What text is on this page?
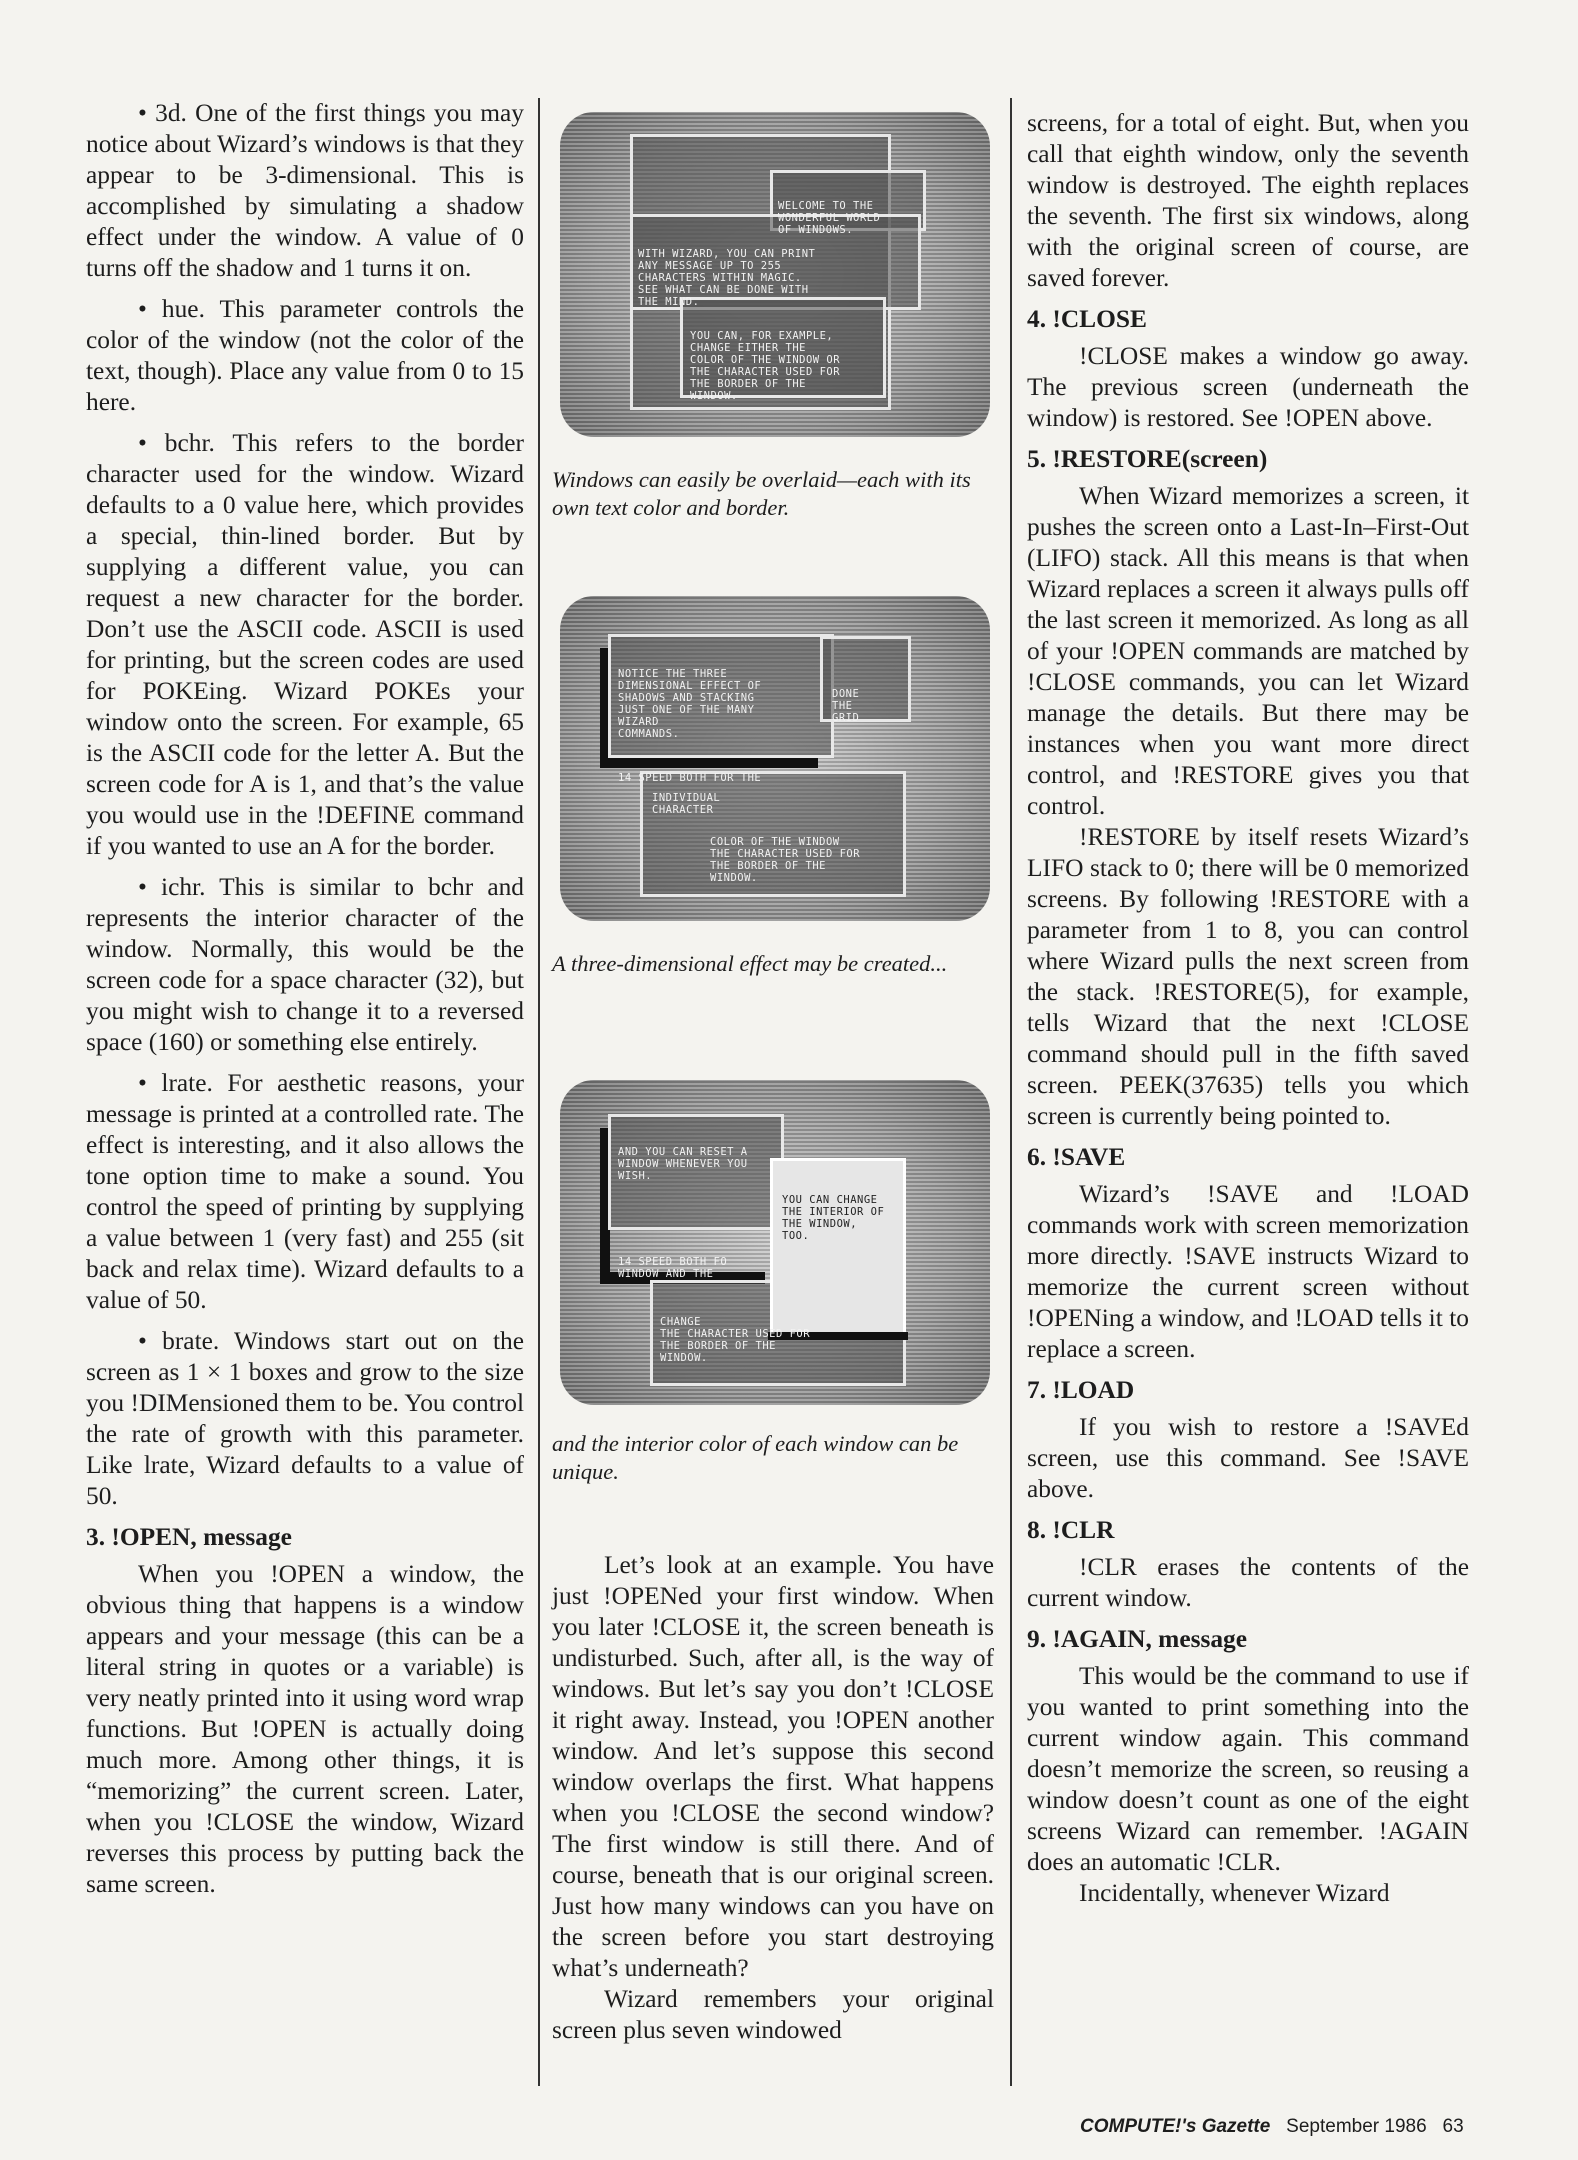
• 3d. One of the first things you may notice about Wizard’s windows is that they appear to be 3-dimensional. This is accomplished by simulating a shadow effect under the window. A value of 0 turns off the shadow and 1 turns it on.

• hue. This parameter controls the color of the window (not the color of the text, though). Place any value from 0 to 15 here.

• bchr. This refers to the border character used for the window. Wizard defaults to a 0 value here, which provides a special, thin-lined border. But by supplying a different value, you can request a new character for the border. Don’t use the ASCII code. ASCII is used for printing, but the screen codes are used for POKEing. Wizard POKEs your window onto the screen. For example, 65 is the ASCII code for the letter A. But the screen code for A is 1, and that’s the value you would use in the !DEFINE command if you wanted to use an A for the border.

• ichr. This is similar to bchr and represents the interior character of the window. Normally, this would be the screen code for a space character (32), but you might wish to change it to a reversed space (160) or something else entirely.

• lrate. For aesthetic reasons, your message is printed at a controlled rate. The effect is interesting, and it also allows the tone option time to make a sound. You control the speed of printing by supplying a value between 1 (very fast) and 255 (sit back and relax time). Wizard defaults to a value of 50.

• brate. Windows start out on the screen as 1 × 1 boxes and grow to the size you !DIMensioned them to be. You control the rate of growth with this parameter. Like lrate, Wizard defaults to a value of 50.

3. !OPEN, message

When you !OPEN a window, the obvious thing that happens is a window appears and your message (this can be a literal string in quotes or a variable) is very neatly printed into it using word wrap functions. But !OPEN is actually doing much more. Among other things, it is “memorizing” the current screen. Later, when you !CLOSE the window, Wizard reverses this process by putting back the same screen.

WELCOME TO THE
WONDERFUL WORLD
OF WINDOWS.

WITH WIZARD, YOU CAN PRINT
ANY MESSAGE UP TO 255
CHARACTERS WITHIN MAGIC.
SEE WHAT CAN BE DONE WITH
THE MIND.

YOU CAN, FOR EXAMPLE,
CHANGE EITHER THE
COLOR OF THE WINDOW OR
THE CHARACTER USED FOR
THE BORDER OF THE
WINDOW.

Windows can easily be overlaid—each with its own text color and border.

NOTICE THE THREE
DIMENSIONAL EFFECT OF
SHADOWS AND STACKING
JUST ONE OF THE MANY
WIZARD
COMMANDS.

DONE
THE
GRID

14 SPEED BOTH FOR THE

INDIVIDUAL
CHARACTER

COLOR OF THE WINDOW
THE CHARACTER USED FOR
THE BORDER OF THE
WINDOW.

A three-dimensional effect may be created...

AND YOU CAN RESET A
WINDOW WHENEVER YOU
WISH.

YOU CAN CHANGE
THE INTERIOR OF
THE WINDOW,
TOO.

14 SPEED BOTH FO
WINDOW AND THE

CHANGE
THE CHARACTER USED FOR
THE BORDER OF THE
WINDOW.

and the interior color of each window can be unique.

Let’s look at an example. You have just !OPENed your first window. When you later !CLOSE it, the screen beneath is undisturbed. Such, after all, is the way of windows. But let’s say you don’t !CLOSE it right away. Instead, you !OPEN another window. And let’s suppose this second window overlaps the first. What happens when you !CLOSE the second window? The first window is still there. And of course, beneath that is our original screen. Just how many windows can you have on the screen before you start destroying what’s underneath?

Wizard remembers your original screen plus seven windowed

screens, for a total of eight. But, when you call that eighth window, only the seventh window is destroyed. The eighth replaces the seventh. The first six windows, along with the original screen of course, are saved forever.

4. !CLOSE

!CLOSE makes a window go away. The previous screen (underneath the window) is restored. See !OPEN above.

5. !RESTORE(screen)

When Wizard memorizes a screen, it pushes the screen onto a Last-In–First-Out (LIFO) stack. All this means is that when Wizard replaces a screen it always pulls off the last screen it memorized. As long as all of your !OPEN commands are matched by !CLOSE commands, you can let Wizard manage the details. But there may be instances when you want more direct control, and !RESTORE gives you that control.

!RESTORE by itself resets Wizard’s LIFO stack to 0; there will be 0 memorized screens. By following !RESTORE with a parameter from 1 to 8, you can control where Wizard pulls the next screen from the stack. !RESTORE(5), for example, tells Wizard that the next !CLOSE command should pull in the fifth saved screen. PEEK(37635) tells you which screen is currently being pointed to.

6. !SAVE

Wizard’s !SAVE and !LOAD commands work with screen memorization more directly. !SAVE instructs Wizard to memorize the current screen without !OPENing a window, and !LOAD tells it to replace a screen.

7. !LOAD

If you wish to restore a !SAVEd screen, use this command. See !SAVE above.

8. !CLR

!CLR erases the contents of the current window.

9. !AGAIN, message

This would be the command to use if you wanted to print something into the current window again. This command doesn’t memorize the screen, so reusing a window doesn’t count as one of the eight screens Wizard can remember. !AGAIN does an automatic !CLR.

Incidentally, whenever Wizard

COMPUTE!'s Gazette September 1986 63
